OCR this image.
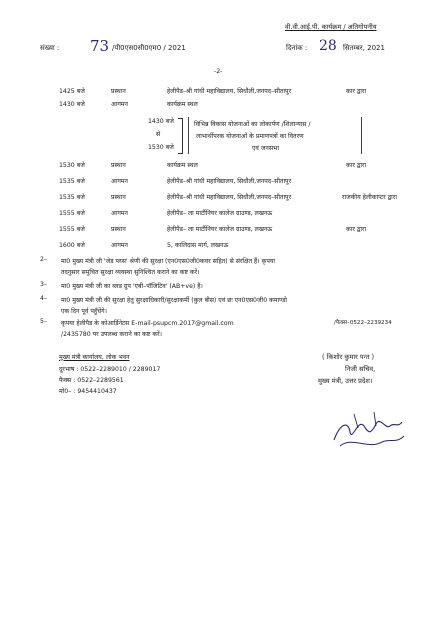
वी.वी.आई.पी. कार्यक्रम / अतिगोपनीय
संख्या : 73 /पी0एस0सी0एम0 / 2021	दिनांक : 28 सितम्बर, 2021
-2-
1425 बजे	प्रस्थान	हेलीपैड–श्री गांधी महाविद्यालय, सिधौली,जनपद–सीतापुर	कार द्वारा
1430 बजे	आगमन	कार्यक्रम स्थल
1430 बजे
से
1530 बजे
विभिन्न विकास योजनाओं का लोकार्पण /शिलान्यास /
लाभार्थीपरक योजनाओं के प्रमाणपत्रों का वितरण
एवं जनसभा
1530 बजे	प्रस्थान	कार्यक्रम स्थल	कार द्वारा
1535 बजे	आगमन	हेलीपैड–श्री गांधी महाविद्यालय, सिधौली,जनपद–सीतापुर
1535 बजे	प्रस्थान	हेलीपैड–श्री गांधी महाविद्यालय, सिधौली,जनपद–सीतापुर	राजकीय हेलीकाप्टर द्वारा
1555 बजे	आगमन	हेलीपैड– ला मार्टीनियर कालेज ग्राउण्ड, लखनऊ
1555 बजे	प्रस्थान	हेलीपैड– ला मार्टीनियर कालेज ग्राउण्ड, लखनऊ	कार द्वारा
1600 बजे	आगमन	5, कालिदास मार्ग, लखनऊ
2– मा0 मुख्य मंत्री जी 'जेड प्लस' श्रेणी की सुरक्षा (एन0एस0जी0कवर सहित) से संरक्षित हैं। कृपया
तदनुसार समुचित सुरक्षा व्यवस्था सुनिश्चित कराने का कष्ट करें।
3– मा0 मुख्य मंत्री जी का ब्लड ग्रुप 'एबी–पॉजिटिव' (AB+ve) है।
4– मा0 मुख्य मंत्री जी की सुरक्षा हेतु सुरक्षाधिकारी/सुरक्षाकर्मी (कुल बीस) एवं छः एन0एस0जी0 कमाण्डो
एक दिन पूर्व पहुँचेंगे।
5– कृपया हेलीपैड के कोआर्डिनेटस E-mail-psupcm.2017@gmail.com	/फैक्स–0522–2239234
/2435780 पर उपलब्ध कराने का कष्ट करें।
मुख्य मंत्री कार्यालय, लोक भवन
दूरभाष : 0522–2289010 / 2289017
फैक्स : 0522–2289561
मो0– : 9454410437
( किशोर कुमार पन्त )
निजी सचिव,
मुख्य मंत्री, उत्तर प्रदेश।
